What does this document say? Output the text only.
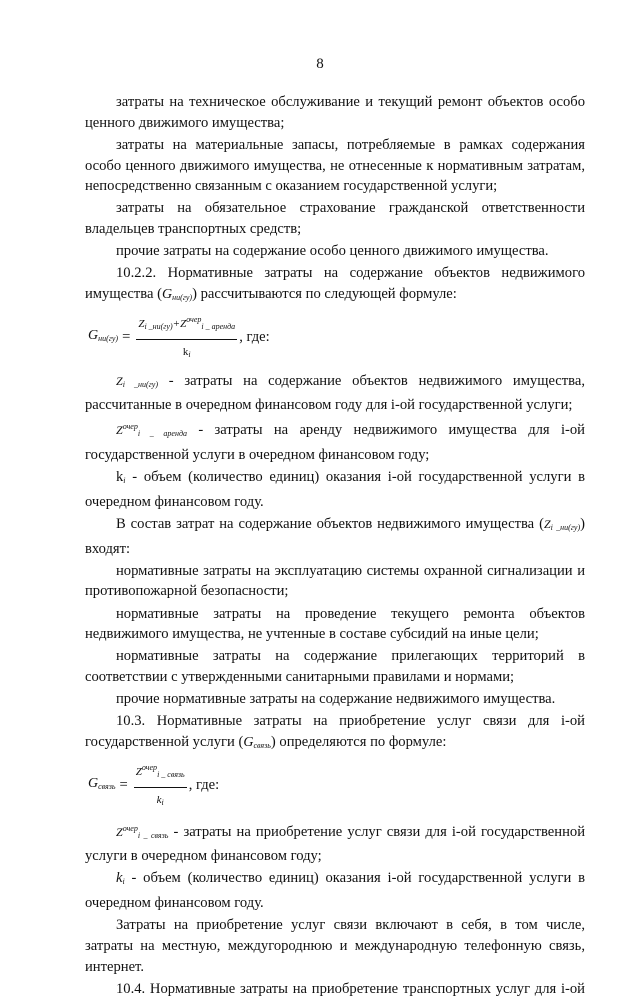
8

затраты на техническое обслуживание и текущий ремонт объектов особо ценного движимого имущества;

затраты на материальные запасы, потребляемые в рамках содержания особо ценного движимого имущества, не отнесенные к нормативным затратам, непосредственно связанным с оказанием государственной услуги;

затраты на обязательное страхование гражданской ответственности владельцев транспортных средств;

прочие затраты на содержание особо ценного движимого имущества.

10.2.2. Нормативные затраты на содержание объектов недвижимого имущества $(G_{ни(гу)})$ рассчитываются по следующей формуле:

$G_{ни(гу)} = \frac{Z_{i \_ни(гу)}+Z^{очер}_{i \_ аренда}}{k_i}$ , где:

$Z_{i \_ни(гу)}$ - затраты на содержание объектов недвижимого имущества, рассчитанные в очередном финансовом году для i-ой государственной услуги;

$Z^{очер}_{i \_ аренда}$ - затраты на аренду недвижимого имущества для i-ой государственной услуги в очередном финансовом году;

$k_i$ - объем (количество единиц) оказания i-ой государственной услуги в очередном финансовом году.

В состав затрат на содержание объектов недвижимого имущества $(Z_{i \_ни(гу)})$ входят:

нормативные затраты на эксплуатацию системы охранной сигнализации и противопожарной безопасности;

нормативные затраты на проведение текущего ремонта объектов недвижимого имущества, не учтенные в составе субсидий на иные цели;

нормативные затраты на содержание прилегающих территорий в соответствии с утвержденными санитарными правилами и нормами;

прочие нормативные затраты на содержание недвижимого имущества.

10.3. Нормативные затраты на приобретение услуг связи для i-ой государственной услуги $(G_{связь})$ определяются по формуле:

$G_{связь} = \frac{Z^{очер}_{i \_ связь}}{k_i}$ , где:

$Z^{очер}_{i \_ связь}$ - затраты на приобретение услуг связи для i-ой государственной услуги в очередном финансовом году;

$k_i$ - объем (количество единиц) оказания i-ой государственной услуги в очередном финансовом году.

Затраты на приобретение услуг связи включают в себя, в том числе, затраты на местную, междугороднюю и международную телефонную связь, интернет.

10.4. Нормативные затраты на приобретение транспортных услуг для i-ой
